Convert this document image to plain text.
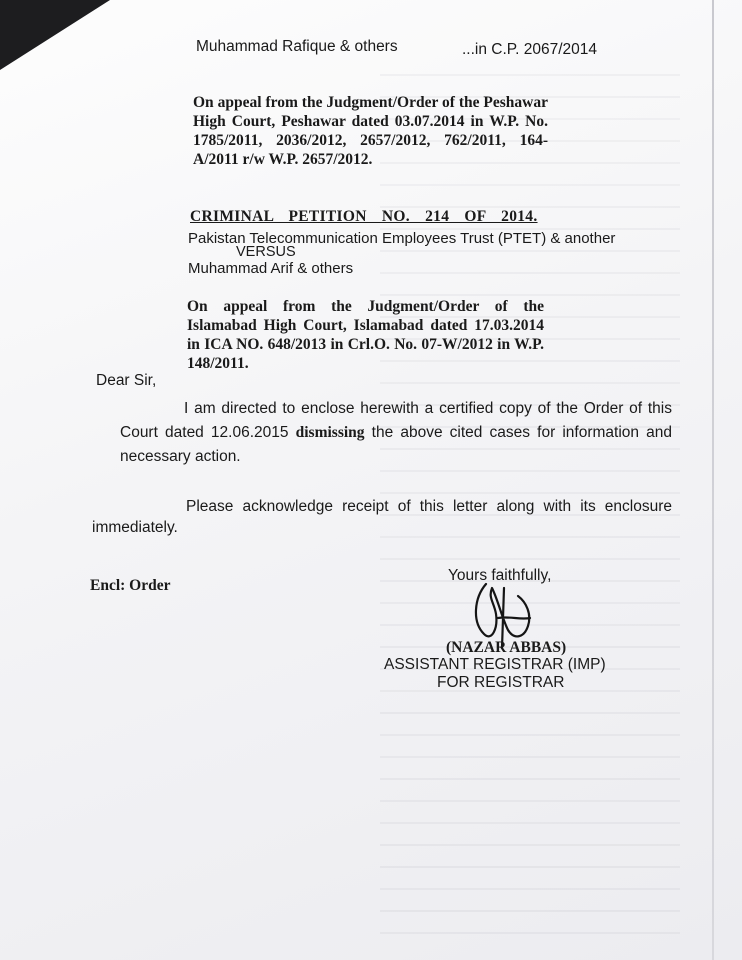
Muhammad Rafique & others	...in C.P. 2067/2014
On appeal from the Judgment/Order of the Peshawar High Court, Peshawar dated 03.07.2014 in W.P. No. 1785/2011, 2036/2012, 2657/2012, 762/2011, 164-A/2011 r/w W.P. 2657/2012.
CRIMINAL PETITION NO. 214 OF 2014.
Pakistan Telecommunication Employees Trust (PTET) & another
VERSUS
Muhammad Arif & others
On appeal from the Judgment/Order of the Islamabad High Court, Islamabad dated 17.03.2014 in ICA NO. 648/2013 in Crl.O. No. 07-W/2012 in W.P. 148/2011.
Dear Sir,
I am directed to enclose herewith a certified copy of the Order of this Court dated 12.06.2015 dismissing the above cited cases for information and necessary action.
Please acknowledge receipt of this letter along with its enclosure immediately.
Encl: Order
Yours faithfully,
(NAZAR ABBAS)
ASSISTANT REGISTRAR (IMP)
FOR REGISTRAR
